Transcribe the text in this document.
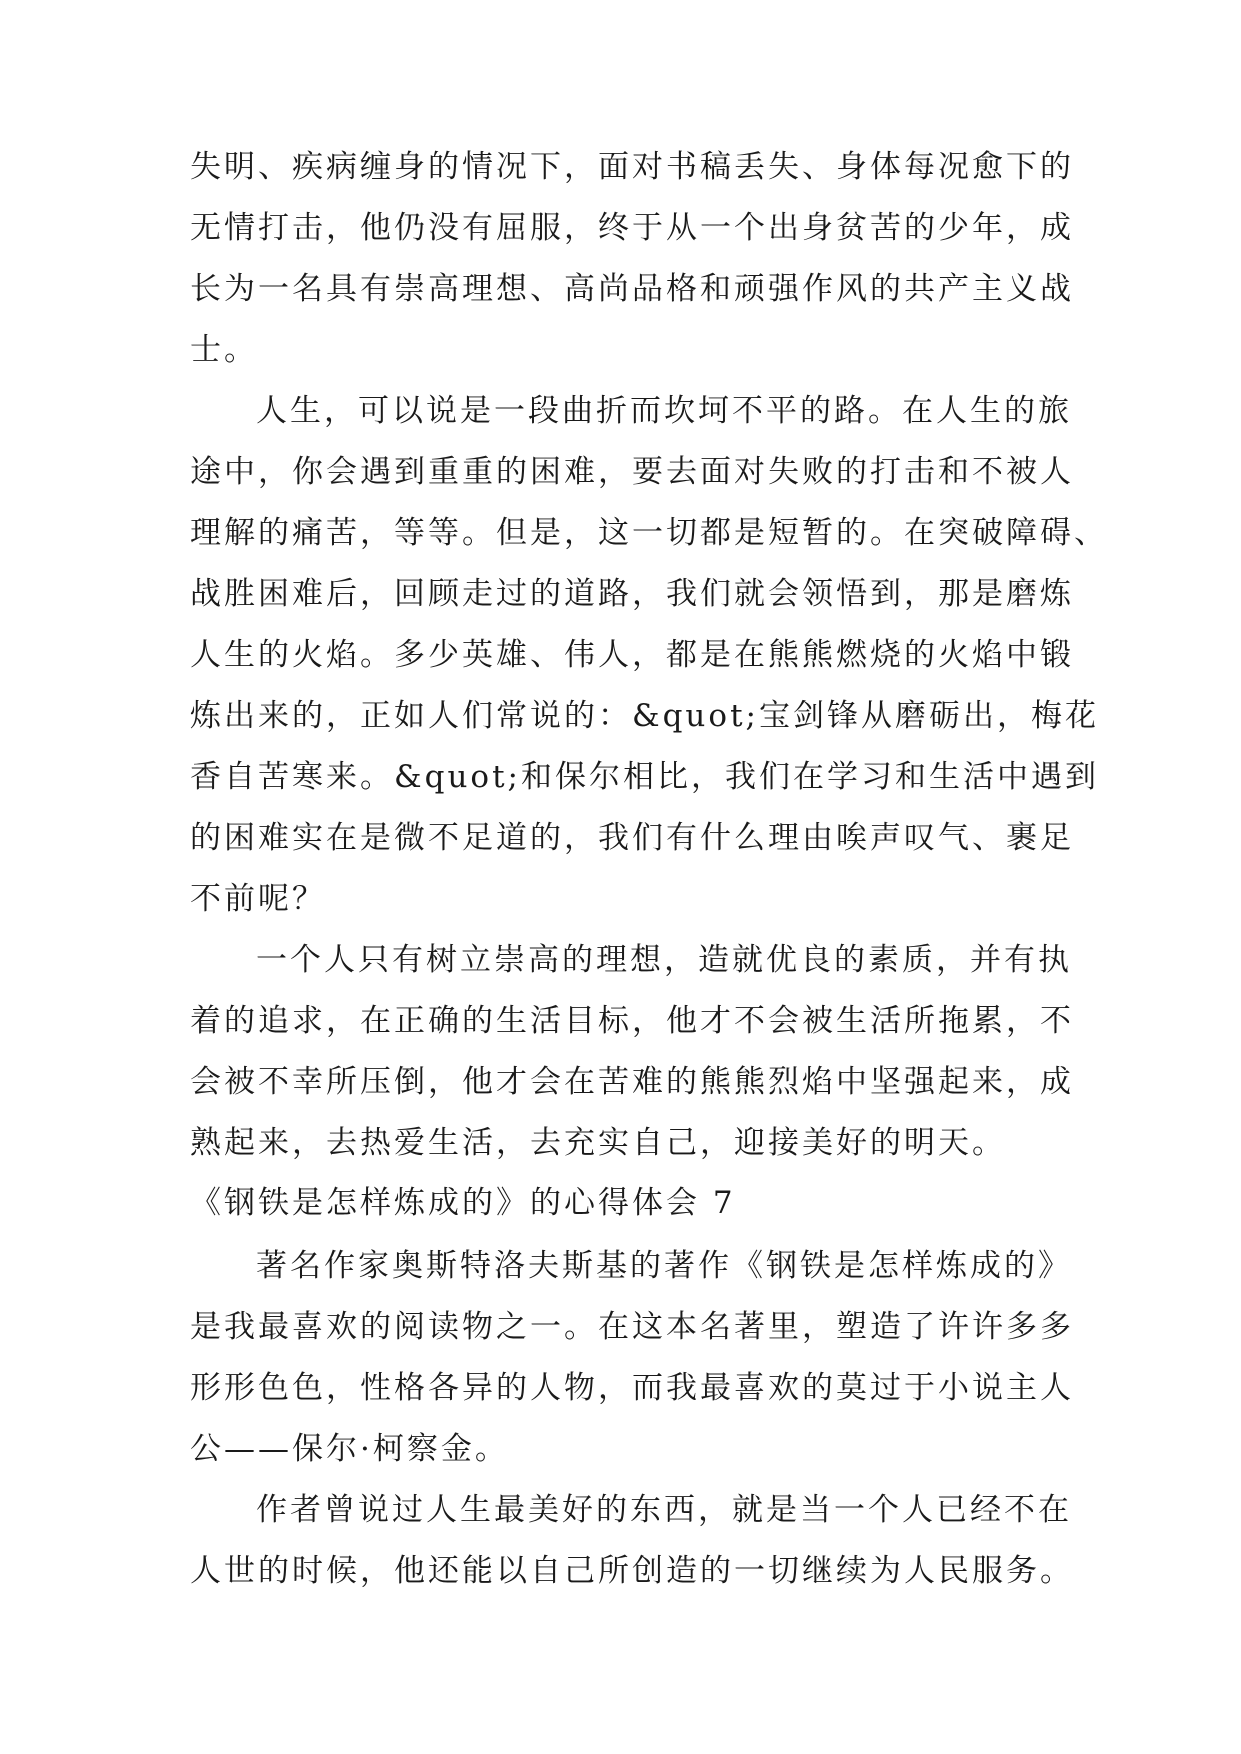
失明、疾病缠身的情况下，面对书稿丢失、身体每况愈下的
无情打击，他仍没有屈服，终于从一个出身贫苦的少年，成
长为一名具有崇高理想、高尚品格和顽强作风的共产主义战
士。
人生，可以说是一段曲折而坎坷不平的路。在人生的旅
途中，你会遇到重重的困难，要去面对失败的打击和不被人
理解的痛苦，等等。但是，这一切都是短暂的。在突破障碍、
战胜困难后，回顾走过的道路，我们就会领悟到，那是磨炼
人生的火焰。多少英雄、伟人，都是在熊熊燃烧的火焰中锻
炼出来的，正如人们常说的：&quot;宝剑锋从磨砺出，梅花
香自苦寒来。&quot;和保尔相比，我们在学习和生活中遇到
的困难实在是微不足道的，我们有什么理由唉声叹气、裹足
不前呢？
一个人只有树立崇高的理想，造就优良的素质，并有执
着的追求，在正确的生活目标，他才不会被生活所拖累，不
会被不幸所压倒，他才会在苦难的熊熊烈焰中坚强起来，成
熟起来，去热爱生活，去充实自己，迎接美好的明天。
《钢铁是怎样炼成的》的心得体会 7
著名作家奥斯特洛夫斯基的著作《钢铁是怎样炼成的》
是我最喜欢的阅读物之一。在这本名著里，塑造了许许多多
形形色色，性格各异的人物，而我最喜欢的莫过于小说主人
公——保尔·柯察金。
作者曾说过人生最美好的东西，就是当一个人已经不在
人世的时候，他还能以自己所创造的一切继续为人民服务。
